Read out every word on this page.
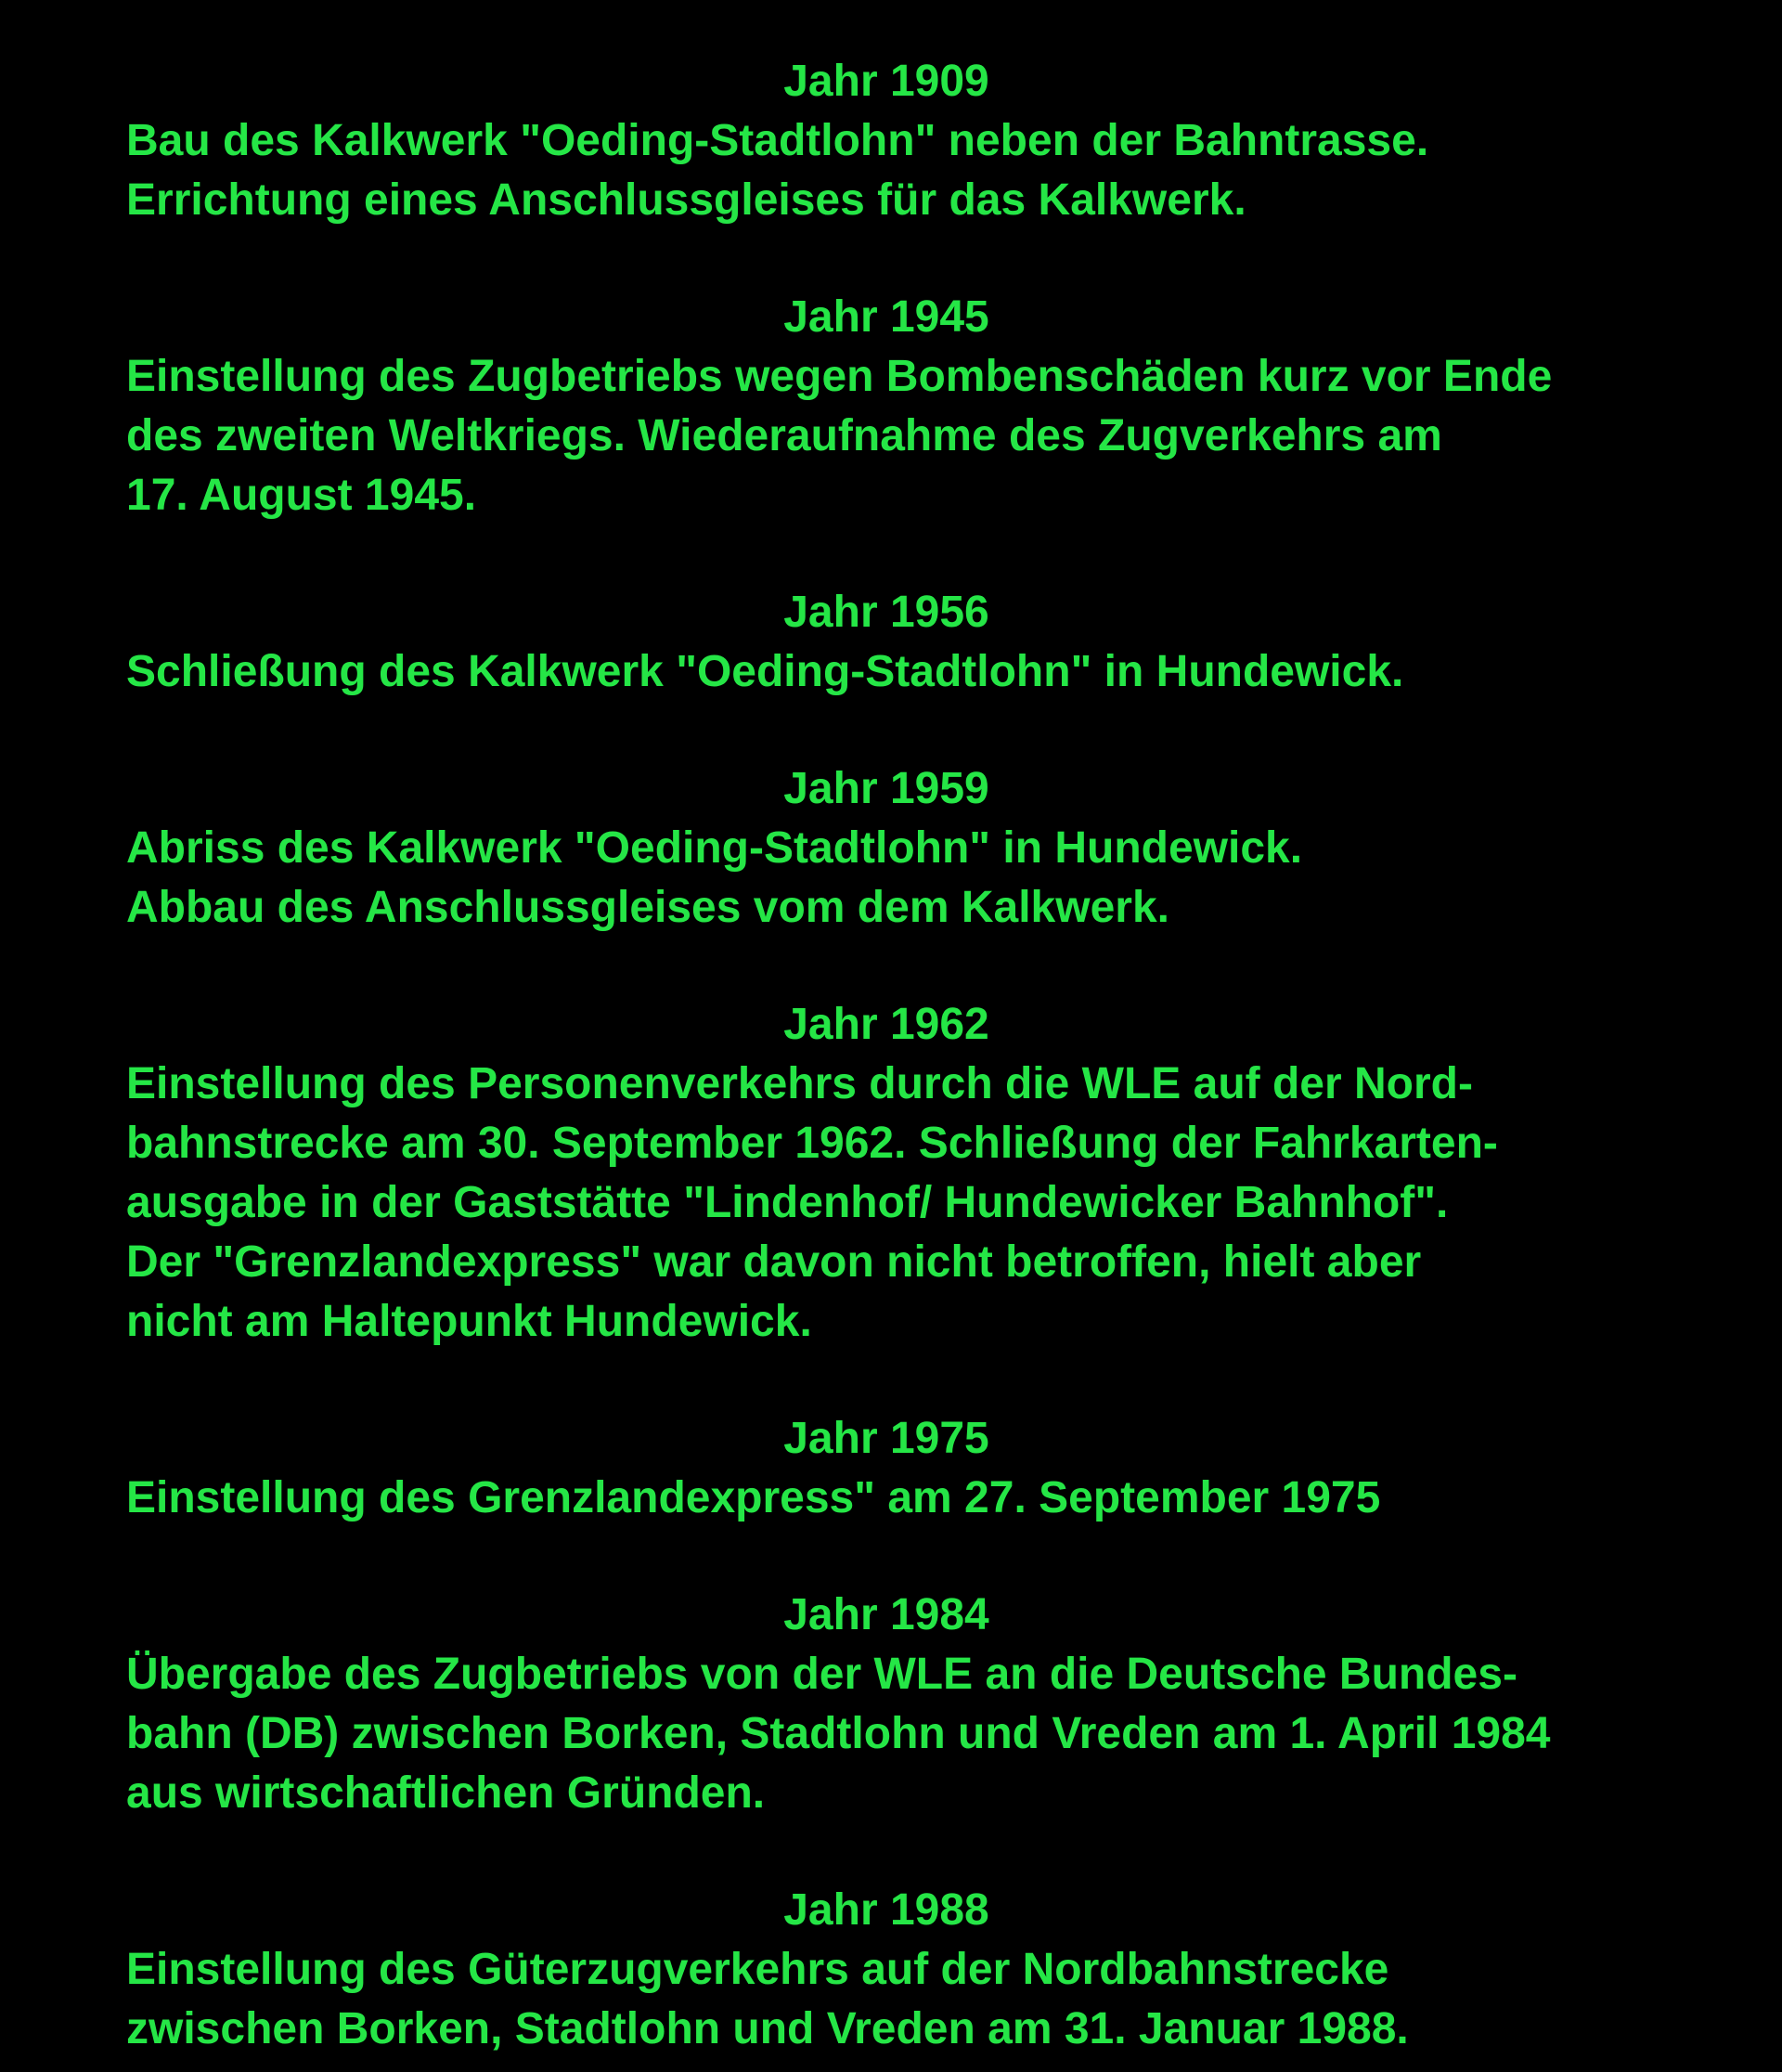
Jahr 1909
Bau des Kalkwerk "Oeding-Stadtlohn" neben der Bahntrasse.
Errichtung eines Anschlussgleises für das Kalkwerk.
Jahr 1945
Einstellung des Zugbetriebs wegen Bombenschäden kurz vor Ende
des zweiten Weltkriegs. Wiederaufnahme des Zugverkehrs am
17. August 1945.
Jahr 1956
Schließung des Kalkwerk "Oeding-Stadtlohn" in Hundewick.
Jahr 1959
Abriss des Kalkwerk "Oeding-Stadtlohn" in Hundewick.
Abbau des Anschlussgleises vom dem Kalkwerk.
Jahr 1962
Einstellung des Personenverkehrs durch die WLE auf der Nord-
bahnstrecke am 30. September 1962. Schließung der Fahrkarten-
ausgabe in der Gaststätte "Lindenhof/ Hundewicker Bahnhof".
Der "Grenzlandexpress" war davon nicht betroffen, hielt aber
nicht am Haltepunkt Hundewick.
Jahr 1975
Einstellung des Grenzlandexpress" am 27. September 1975
Jahr 1984
Übergabe des Zugbetriebs von der WLE an die Deutsche Bundes-
bahn (DB) zwischen Borken, Stadtlohn und Vreden am 1. April 1984
aus wirtschaftlichen Gründen.
Jahr 1988
Einstellung des Güterzugverkehrs auf der Nordbahnstrecke
zwischen Borken, Stadtlohn und Vreden am 31. Januar 1988.
